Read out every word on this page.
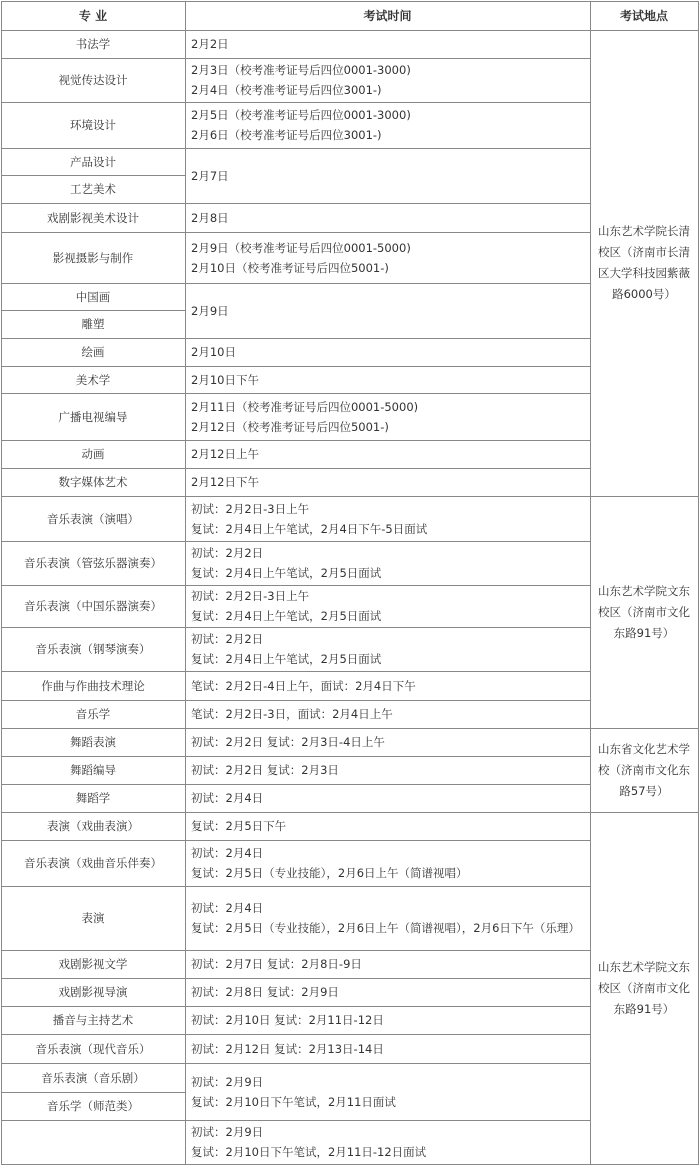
专 业	考试时间	考试地点
书法学
视觉传达设计
环境设计
产品设计
工艺美术
戏剧影视美术设计
影视摄影与制作
中国画
雕塑
绘画
美术学
广播电视编导
动画
数字媒体艺术
音乐表演（演唱）
音乐表演（管弦乐器演奏）
音乐表演（中国乐器演奏）
音乐表演（钢琴演奏）
作曲与作曲技术理论
音乐学
舞蹈表演
舞蹈编导
舞蹈学
表演（戏曲表演）
音乐表演（戏曲音乐伴奏）
表演
戏剧影视文学
戏剧影视导演
播音与主持艺术
音乐表演（现代音乐）
音乐表演（音乐剧）
音乐学（师范类）
2月2日
2月3日（校考准考证号后四位0001-3000)
2月4日（校考准考证号后四位3001-)
2月5日（校考准考证号后四位0001-3000)
2月6日（校考准考证号后四位3001-)
2月7日
2月8日
2月9日（校考准考证号后四位0001-5000)
2月10日（校考准考证号后四位5001-)
2月9日
2月10日
2月10日下午
2月11日（校考准考证号后四位0001-5000)
2月12日（校考准考证号后四位5001-)
2月12日上午
2月12日下午
初试：2月2日-3日上午
复试：2月4日上午笔试，2月4日下午-5日面试
初试：2月2日
复试：2月4日上午笔试，2月5日面试
初试：2月2日-3日上午
复试：2月4日上午笔试，2月5日面试
初试：2月2日
复试：2月4日上午笔试，2月5日面试
笔试：2月2日-4日上午，面试：2月4日下午
笔试：2月2日-3日，面试：2月4日上午
初试：2月2日 复试：2月3日-4日上午
初试：2月2日 复试：2月3日
初试：2月4日
复试：2月5日下午
初试：2月4日
复试：2月5日（专业技能），2月6日上午（简谱视唱）
初试：2月4日
复试：2月5日（专业技能），2月6日上午（简谱视唱），2月6日下午（乐理）
初试：2月7日 复试：2月8日-9日
初试：2月8日 复试：2月9日
初试：2月10日 复试：2月11日-12日
初试：2月12日 复试：2月13日-14日
初试：2月9日
复试：2月10日下午笔试，2月11日面试
初试：2月9日
复试：2月10日下午笔试，2月11日-12日面试
山东艺术学院长清校区（济南市长清区大学科技园紫薇路6000号）
山东艺术学院文东校区（济南市文化东路91号）
山东省文化艺术学校（济南市文化东路57号）
山东艺术学院文东校区（济南市文化东路91号）
